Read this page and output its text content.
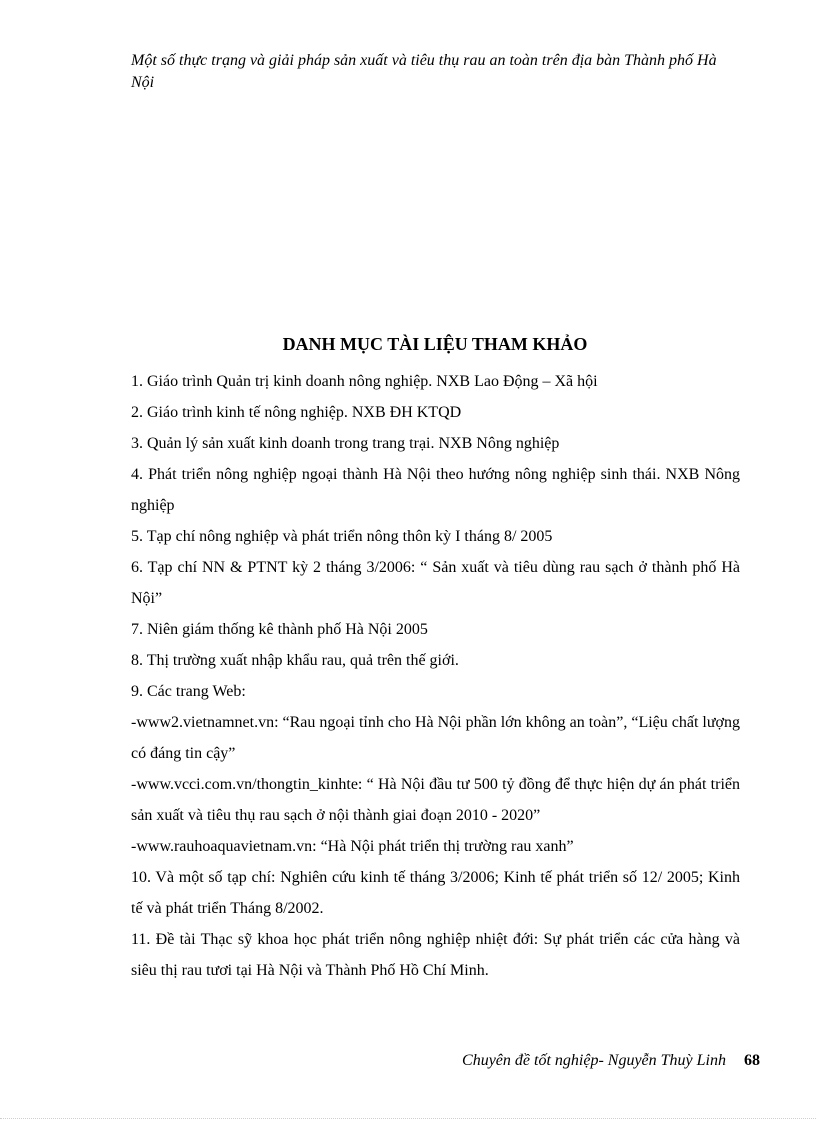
Một số thực trạng và giải pháp sản xuất và tiêu thụ rau an toàn trên địa bàn Thành phố Hà Nội
DANH MỤC TÀI LIỆU THAM KHẢO

1. Giáo trình Quản trị kinh doanh nông nghiệp. NXB Lao Động – Xã hội

2. Giáo trình kinh tế nông nghiệp. NXB ĐH KTQD

3. Quản lý sản xuất kinh doanh trong trang trại. NXB Nông nghiệp

4. Phát triển nông nghiệp ngoại thành Hà Nội theo hướng nông nghiệp sinh thái. NXB Nông nghiệp

5. Tạp chí nông nghiệp và phát triển nông thôn kỳ I tháng 8/ 2005

6. Tạp chí NN & PTNT kỳ 2 tháng 3/2006: “ Sản xuất và tiêu dùng rau sạch ở thành phố Hà Nội”

7. Niên giám thống kê thành phố Hà Nội 2005

8. Thị trường xuất nhập khẩu rau, quả trên thế giới.

9. Các trang Web:

-www2.vietnamnet.vn: “Rau ngoại tỉnh cho Hà Nội phần lớn không an toàn”, “Liệu chất lượng có đáng tin cậy”

-www.vcci.com.vn/thongtin_kinhte: “ Hà Nội đầu tư 500 tỷ đồng để thực hiện dự án phát triển sản xuất và tiêu thụ rau sạch ở nội thành giai đoạn 2010 - 2020”

-www.rauhoaquavietnam.vn: “Hà Nội phát triển thị trường rau xanh”

10. Và một số tạp chí: Nghiên cứu kinh tế tháng 3/2006; Kinh tế phát triển số 12/ 2005; Kinh tế và phát triển Tháng 8/2002.

11. Đề tài Thạc sỹ khoa học phát triển nông nghiệp nhiệt đới: Sự phát triển các cửa hàng và siêu thị rau tươi tại Hà Nội và Thành Phố Hồ Chí Minh.

Chuyên đề tốt nghiệp- Nguyễn Thuỳ Linh 68
